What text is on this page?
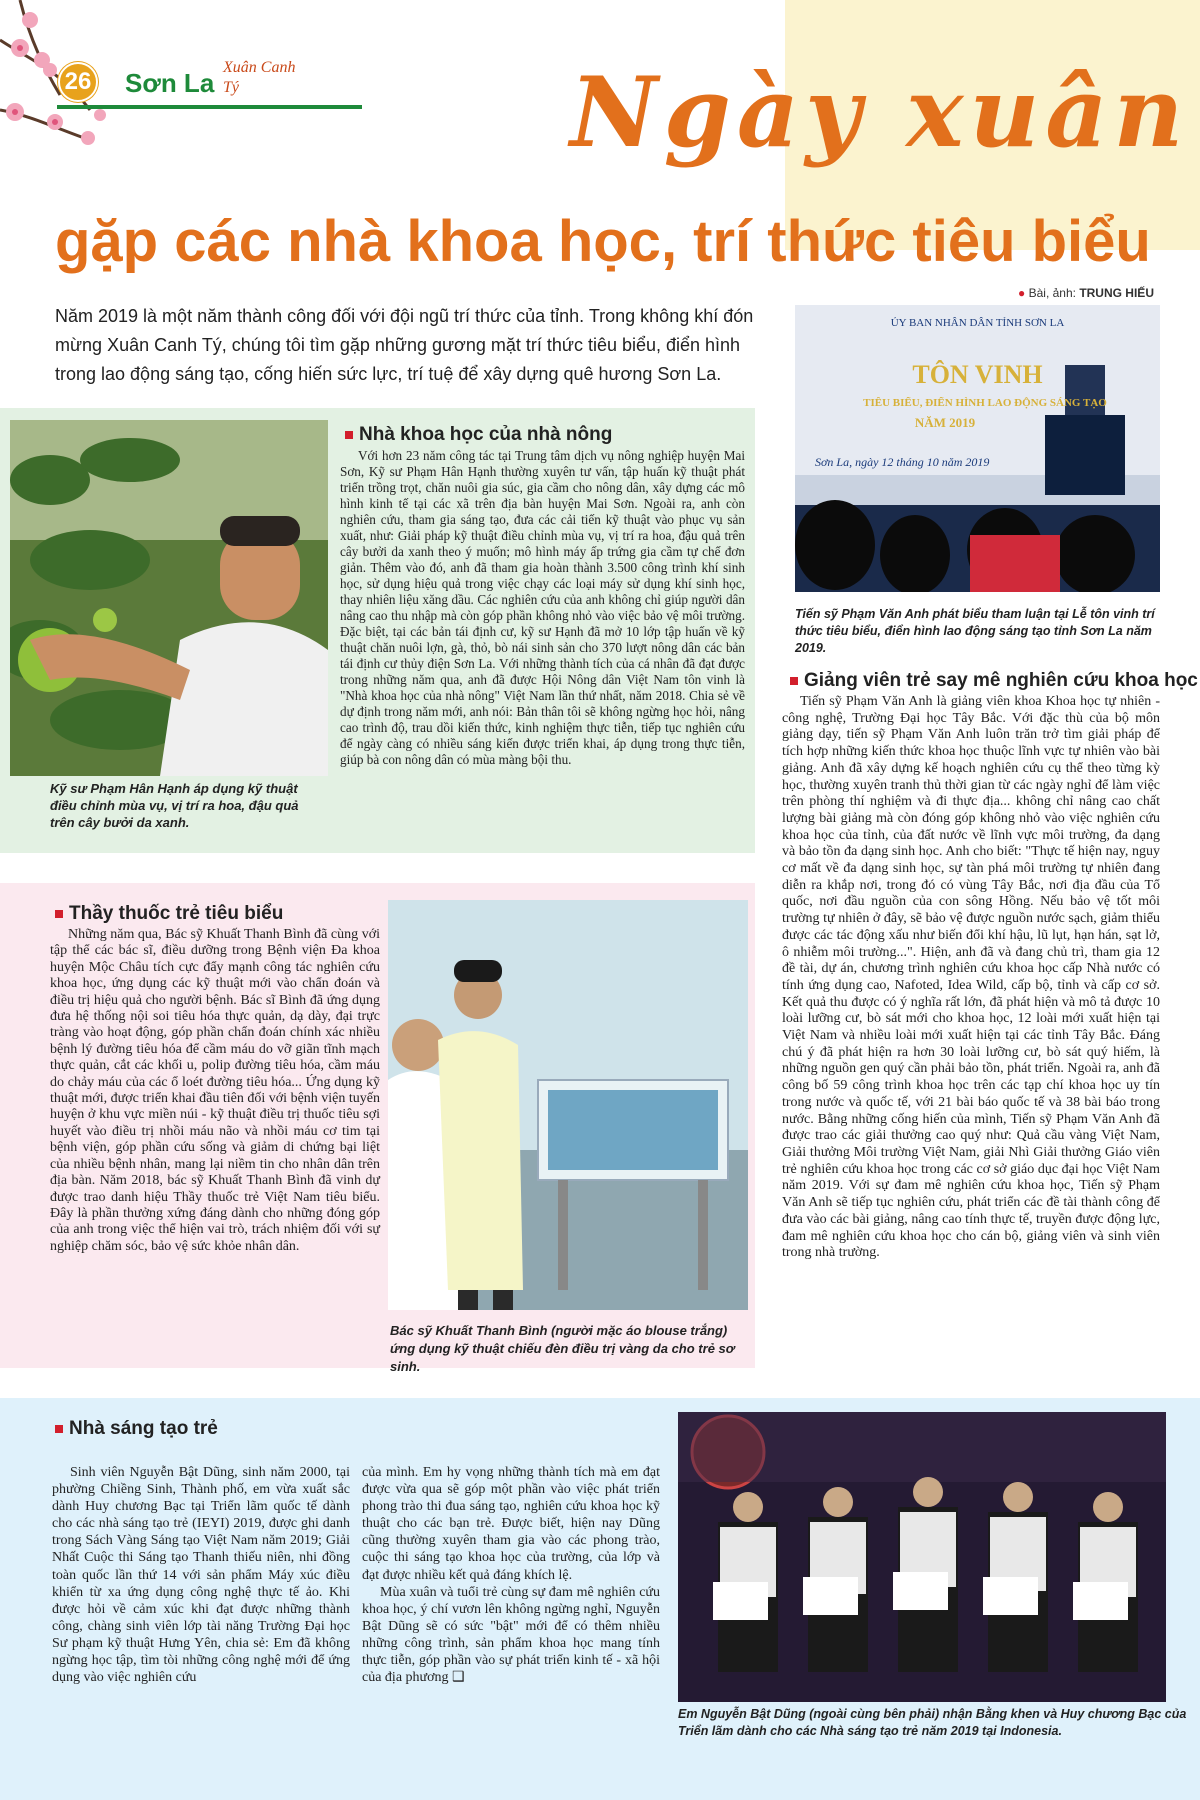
26 Sơn La
Xuân Canh Tý	Ngày xuân
gặp các nhà khoa học, trí thức tiêu biểu
● Bài, ảnh: TRUNG HIẾU
Năm 2019 là một năm thành công đối với đội ngũ trí thức của tỉnh. Trong không khí đón mừng Xuân Canh Tý, chúng tôi tìm gặp những gương mặt trí thức tiêu biểu, điển hình trong lao động sáng tạo, cống hiến sức lực, trí tuệ để xây dựng quê hương Sơn La.
Kỹ sư Phạm Hân Hạnh áp dụng kỹ thuật điều chỉnh mùa vụ, vị trí ra hoa, đậu quả trên cây bưởi da xanh.
Nhà khoa học của nhà nông

Với hơn 23 năm công tác tại Trung tâm dịch vụ nông nghiệp huyện Mai Sơn, Kỹ sư Phạm Hân Hạnh thường xuyên tư vấn, tập huấn kỹ thuật phát triển trồng trọt, chăn nuôi gia súc, gia cầm cho nông dân, xây dựng các mô hình kinh tế tại các xã trên địa bàn huyện Mai Sơn. Ngoài ra, anh còn nghiên cứu, tham gia sáng tạo, đưa các cải tiến kỹ thuật vào phục vụ sản xuất, như: Giải pháp kỹ thuật điều chỉnh mùa vụ, vị trí ra hoa, đậu quả trên cây bưởi da xanh theo ý muốn; mô hình máy ấp trứng gia cầm tự chế đơn giản. Thêm vào đó, anh đã tham gia hoàn thành 3.500 công trình khí sinh học, sử dụng hiệu quả trong việc chạy các loại máy sử dụng khí sinh học, thay nhiên liệu xăng dầu. Các nghiên cứu của anh không chỉ giúp người dân nâng cao thu nhập mà còn góp phần không nhỏ vào việc bảo vệ môi trường. Đặc biệt, tại các bản tái định cư, kỹ sư Hạnh đã mở 10 lớp tập huấn về kỹ thuật chăn nuôi lợn, gà, thỏ, bò nái sinh sản cho 370 lượt nông dân các bản tái định cư thủy điện Sơn La. Với những thành tích của cá nhân đã đạt được trong những năm qua, anh đã được Hội Nông dân Việt Nam tôn vinh là "Nhà khoa học của nhà nông" Việt Nam lần thứ nhất, năm 2018. Chia sẻ về dự định trong năm mới, anh nói: Bản thân tôi sẽ không ngừng học hỏi, nâng cao trình độ, trau dồi kiến thức, kinh nghiệm thực tiễn, tiếp tục nghiên cứu để ngày càng có nhiều sáng kiến được triển khai, áp dụng trong thực tiễn, giúp bà con nông dân có mùa màng bội thu.

ỦY BAN NHÂN DÂN TỈNH SƠN LA
TÔN VINH
TIÊU BIỂU, ĐIỂN HÌNH LAO ĐỘNG SÁNG TẠO
NĂM 2019
Sơn La, ngày 12 tháng 10 năm 2019
Tiến sỹ Phạm Văn Anh phát biểu tham luận tại Lễ tôn vinh trí thức tiêu biểu, điển hình lao động sáng tạo tỉnh Sơn La năm 2019.
Giảng viên trẻ say mê nghiên cứu khoa học

Tiến sỹ Phạm Văn Anh là giảng viên khoa Khoa học tự nhiên - công nghệ, Trường Đại học Tây Bắc. Với đặc thù của bộ môn giảng dạy, tiến sỹ Phạm Văn Anh luôn trăn trở tìm giải pháp để tích hợp những kiến thức khoa học thuộc lĩnh vực tự nhiên vào bài giảng. Anh đã xây dựng kế hoạch nghiên cứu cụ thể theo từng kỳ học, thường xuyên tranh thủ thời gian từ các ngày nghỉ để làm việc trên phòng thí nghiệm và đi thực địa... không chỉ nâng cao chất lượng bài giảng mà còn đóng góp không nhỏ vào việc nghiên cứu khoa học của tỉnh, của đất nước về lĩnh vực môi trường, đa dạng và bảo tồn đa dạng sinh học. Anh cho biết: "Thực tế hiện nay, nguy cơ mất về đa dạng sinh học, sự tàn phá môi trường tự nhiên đang diễn ra khắp nơi, trong đó có vùng Tây Bắc, nơi địa đầu của Tổ quốc, nơi đầu nguồn của con sông Hồng. Nếu bảo vệ tốt môi trường tự nhiên ở đây, sẽ bảo vệ được nguồn nước sạch, giảm thiểu được các tác động xấu như biến đổi khí hậu, lũ lụt, hạn hán, sạt lở, ô nhiễm môi trường...". Hiện, anh đã và đang chủ trì, tham gia 12 đề tài, dự án, chương trình nghiên cứu khoa học cấp Nhà nước có tính ứng dụng cao, Nafoted, Idea Wild, cấp bộ, tỉnh và cấp cơ sở. Kết quả thu được có ý nghĩa rất lớn, đã phát hiện và mô tả được 10 loài lưỡng cư, bò sát mới cho khoa học, 12 loài mới xuất hiện tại Việt Nam và nhiều loài mới xuất hiện tại các tỉnh Tây Bắc. Đáng chú ý đã phát hiện ra hơn 30 loài lưỡng cư, bò sát quý hiếm, là những nguồn gen quý cần phải bảo tồn, phát triển. Ngoài ra, anh đã công bố 59 công trình khoa học trên các tạp chí khoa học uy tín trong nước và quốc tế, với 21 bài báo quốc tế và 38 bài báo trong nước. Bằng những cống hiến của mình, Tiến sỹ Phạm Văn Anh đã được trao các giải thưởng cao quý như: Quả cầu vàng Việt Nam, Giải thưởng Môi trường Việt Nam, giải Nhì Giải thưởng Giáo viên trẻ nghiên cứu khoa học trong các cơ sở giáo dục đại học Việt Nam năm 2019. Với sự đam mê nghiên cứu khoa học, Tiến sỹ Phạm Văn Anh sẽ tiếp tục nghiên cứu, phát triển các đề tài thành công để đưa vào các bài giảng, nâng cao tính thực tế, truyền được động lực, đam mê nghiên cứu khoa học cho cán bộ, giảng viên và sinh viên trong nhà trường.

Thầy thuốc trẻ tiêu biểu

Những năm qua, Bác sỹ Khuất Thanh Bình đã cùng với tập thể các bác sĩ, điều dưỡng trong Bệnh viện Đa khoa huyện Mộc Châu tích cực đẩy mạnh công tác nghiên cứu khoa học, ứng dụng các kỹ thuật mới vào chẩn đoán và điều trị hiệu quả cho người bệnh. Bác sĩ Bình đã ứng dụng đưa hệ thống nội soi tiêu hóa thực quản, dạ dày, đại trực tràng vào hoạt động, góp phần chẩn đoán chính xác nhiều bệnh lý đường tiêu hóa để cầm máu do vỡ giãn tĩnh mạch thực quản, cắt các khối u, polip đường tiêu hóa, cầm máu do chảy máu của các ổ loét đường tiêu hóa... Ứng dụng kỹ thuật mới, được triển khai đầu tiên đối với bệnh viện tuyến huyện ở khu vực miền núi - kỹ thuật điều trị thuốc tiêu sợi huyết vào điều trị nhồi máu não và nhồi máu cơ tim tại bệnh viện, góp phần cứu sống và giảm di chứng bại liệt của nhiều bệnh nhân, mang lại niềm tin cho nhân dân trên địa bàn. Năm 2018, bác sỹ Khuất Thanh Bình đã vinh dự được trao danh hiệu Thầy thuốc trẻ Việt Nam tiêu biểu. Đây là phần thưởng xứng đáng dành cho những đóng góp của anh trong việc thể hiện vai trò, trách nhiệm đối với sự nghiệp chăm sóc, bảo vệ sức khỏe nhân dân.

Bác sỹ Khuất Thanh Bình (người mặc áo blouse trắng) ứng dụng kỹ thuật chiếu đèn điều trị vàng da cho trẻ sơ sinh.
Nhà sáng tạo trẻ

Sinh viên Nguyễn Bật Dũng, sinh năm 2000, tại phường Chiềng Sinh, Thành phố, em vừa xuất sắc dành Huy chương Bạc tại Triển lãm quốc tế dành cho các nhà sáng tạo trẻ (IEYI) 2019, được ghi danh trong Sách Vàng Sáng tạo Việt Nam năm 2019; Giải Nhất Cuộc thi Sáng tạo Thanh thiếu niên, nhi đồng toàn quốc lần thứ 14 với sản phẩm Máy xúc điều khiển từ xa ứng dụng công nghệ thực tế ảo. Khi được hỏi về cảm xúc khi đạt được những thành công, chàng sinh viên lớp tài năng Trường Đại học Sư phạm kỹ thuật Hưng Yên, chia sẻ: Em đã không ngừng học tập, tìm tòi những công nghệ mới để ứng dụng vào việc nghiên cứu

của mình. Em hy vọng những thành tích mà em đạt được vừa qua sẽ góp một phần vào việc phát triển phong trào thi đua sáng tạo, nghiên cứu khoa học kỹ thuật cho các bạn trẻ. Được biết, hiện nay Dũng cũng thường xuyên tham gia vào các phong trào, cuộc thi sáng tạo khoa học của trường, của lớp và đạt được nhiều kết quả đáng khích lệ.

Mùa xuân và tuổi trẻ cùng sự đam mê nghiên cứu khoa học, ý chí vươn lên không ngừng nghỉ, Nguyễn Bật Dũng sẽ có sức "bật" mới để có thêm nhiều những công trình, sản phẩm khoa học mang tính thực tiễn, góp phần vào sự phát triển kinh tế - xã hội của địa phương ❑

Em Nguyễn Bật Dũng (ngoài cùng bên phải) nhận Bằng khen và Huy chương Bạc của Triển lãm dành cho các Nhà sáng tạo trẻ năm 2019 tại Indonesia.
